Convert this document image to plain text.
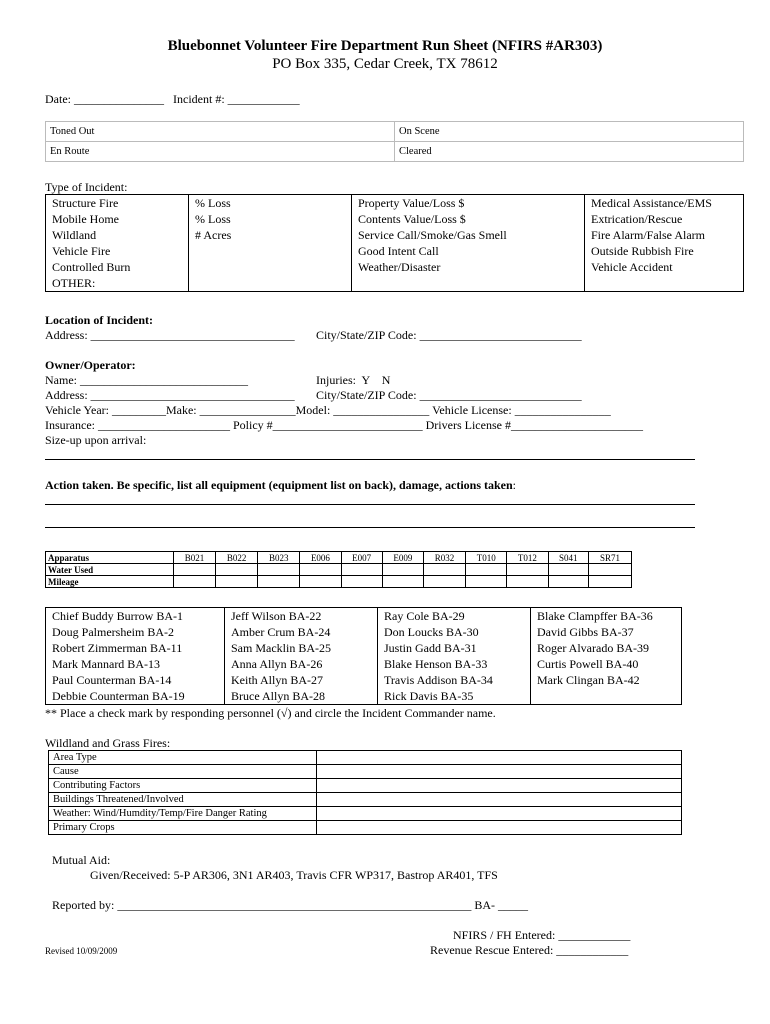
Bluebonnet Volunteer Fire Department Run Sheet (NFIRS #AR303)
PO Box 335, Cedar Creek, TX 78612
Date: _______________ Incident #: ____________
Toned Out	On Scene
En Route	Cleared
Type of Incident:
Structure Fire	% Loss	Property Value/Loss $	Medical Assistance/EMS
Mobile Home	% Loss	Contents Value/Loss $	Extrication/Rescue
Wildland	# Acres	Service Call/Smoke/Gas Smell	Fire Alarm/False Alarm
Vehicle Fire		Good Intent Call	Outside Rubbish Fire
Controlled Burn		Weather/Disaster	Vehicle Accident
OTHER:			
Location of Incident:
Address: __________________________________ City/State/ZIP Code: ___________________________
Owner/Operator:
Name: ____________________________	Injuries:  Y    N
Address: __________________________________ City/State/ZIP Code: ___________________________
Vehicle Year: _________Make: ________________Model: ________________ Vehicle License: ________________
Insurance: ______________________ Policy #_________________________ Drivers License #______________________
Size-up upon arrival:
Action taken. Be specific, list all equipment (equipment list on back), damage, actions taken:
Apparatus	B021	B022	B023	E006	E007	E009	R032	T010	T012	S041	SR71
Water Used											
Mileage											
Chief Buddy Burrow BA-1	Jeff Wilson BA-22	Ray Cole BA-29	Blake Clampffer BA-36
Doug Palmersheim BA-2	Amber Crum BA-24	Don Loucks BA-30	David Gibbs BA-37
Robert Zimmerman BA-11	Sam Macklin BA-25	Justin Gadd BA-31	Roger Alvarado BA-39
Mark Mannard BA-13	Anna Allyn BA-26	Blake Henson BA-33	Curtis Powell BA-40
Paul Counterman BA-14	Keith Allyn BA-27	Travis Addison BA-34	Mark Clingan BA-42
Debbie Counterman BA-19	Bruce Allyn BA-28	Rick Davis BA-35	
** Place a check mark by responding personnel (√) and circle the Incident Commander name.
Wildland and Grass Fires:
Area Type	
Cause	
Contributing Factors	
Buildings Threatened/Involved	
Weather: Wind/Humdity/Temp/Fire Danger Rating	
Primary Crops	
Mutual Aid:
Given/Received: 5-P AR306, 3N1 AR403, Travis CFR WP317, Bastrop AR401, TFS
Reported by: ___________________________________________________________ BA- _____
NFIRS / FH Entered: ____________
Revenue Rescue Entered: ____________
Revised 10/09/2009
